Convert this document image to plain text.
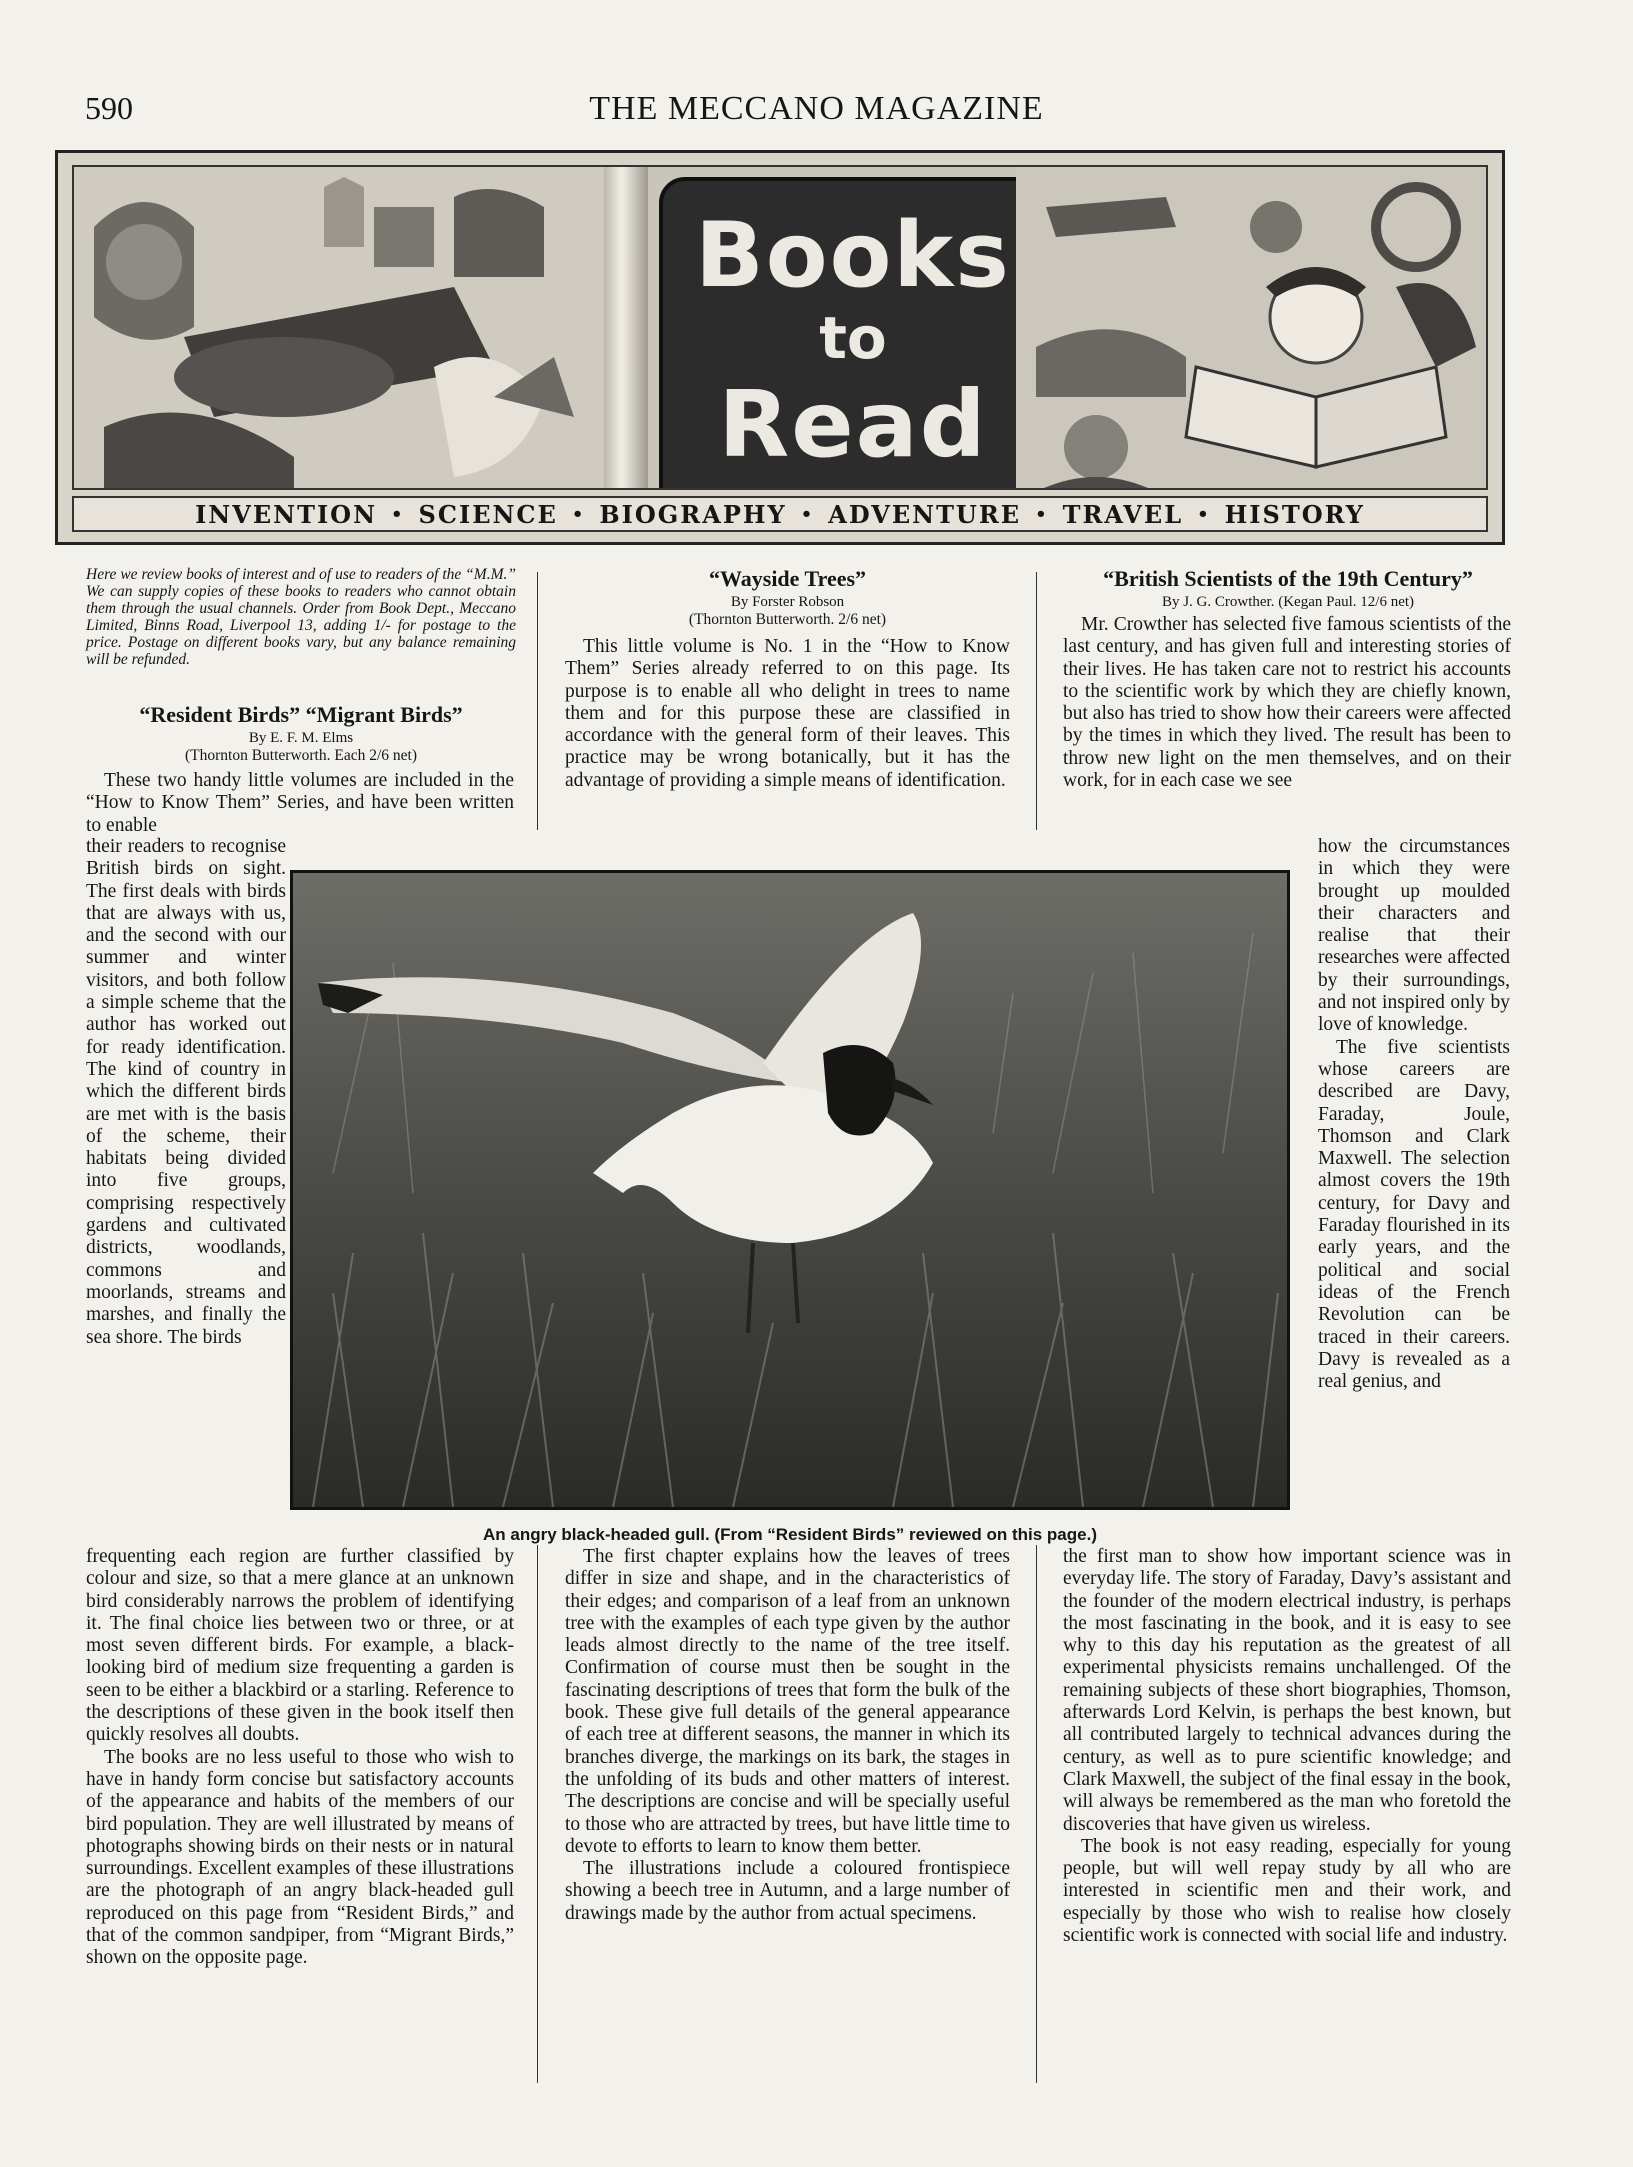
590	THE MECCANO MAGAZINE
Books
to
Read
INVENTION • SCIENCE • BIOGRAPHY • ADVENTURE • TRAVEL • HISTORY
Here we review books of interest and of use to readers of the “M.M.” We can supply copies of these books to readers who cannot obtain them through the usual channels. Order from Book Dept., Meccano Limited, Binns Road, Liverpool 13, adding 1/- for postage to the price. Postage on different books vary, but any balance remaining will be refunded.
“Resident Birds” “Migrant Birds”
By E. F. M. Elms
(Thornton Butterworth. Each 2/6 net)

These two handy little volumes are included in the “How to Know Them” Series, and have been written to enable

their readers to recognise British birds on sight. The first deals with birds that are always with us, and the second with our summer and winter visitors, and both follow a simple scheme that the author has worked out for ready identification. The kind of country in which the different birds are met with is the basis of the scheme, their habitats being divided into five groups, comprising respectively gardens and cultivated districts, woodlands, commons and moorlands, streams and marshes, and finally the sea shore. The birds

frequenting each region are further classified by colour and size, so that a mere glance at an unknown bird considerably narrows the problem of identifying it. The final choice lies between two or three, or at most seven different birds. For example, a black-looking bird of medium size frequenting a garden is seen to be either a blackbird or a starling. Reference to the descriptions of these given in the book itself then quickly resolves all doubts.

The books are no less useful to those who wish to have in handy form concise but satisfactory accounts of the appearance and habits of the members of our bird population. They are well illustrated by means of photographs showing birds on their nests or in natural surroundings. Excellent examples of these illustrations are the photograph of an angry black-headed gull reproduced on this page from “Resident Birds,” and that of the common sandpiper, from “Migrant Birds,” shown on the opposite page.

“Wayside Trees”
By Forster Robson
(Thornton Butterworth. 2/6 net)

This little volume is No. 1 in the “How to Know Them” Series already referred to on this page. Its purpose is to enable all who delight in trees to name them and for this purpose these are classified in accordance with the general form of their leaves. This practice may be wrong botanically, but it has the advantage of providing a simple means of identification.

The first chapter explains how the leaves of trees differ in size and shape, and in the characteristics of their edges; and comparison of a leaf from an unknown tree with the examples of each type given by the author leads almost directly to the name of the tree itself. Confirmation of course must then be sought in the fascinating descriptions of trees that form the bulk of the book. These give full details of the general appearance of each tree at different seasons, the manner in which its branches diverge, the markings on its bark, the stages in the unfolding of its buds and other matters of interest. The descriptions are concise and will be specially useful to those who are attracted by trees, but have little time to devote to efforts to learn to know them better.

The illustrations include a coloured frontispiece showing a beech tree in Autumn, and a large number of drawings made by the author from actual specimens.

“British Scientists of the 19th Century”
By J. G. Crowther. (Kegan Paul. 12/6 net)

Mr. Crowther has selected five famous scientists of the last century, and has given full and interesting stories of their lives. He has taken care not to restrict his accounts to the scientific work by which they are chiefly known, but also has tried to show how their careers were affected by the times in which they lived. The result has been to throw new light on the men themselves, and on their work, for in each case we see

how the circumstances in which they were brought up moulded their characters and realise that their researches were affected by their surroundings, and not inspired only by love of knowledge.

The five scientists whose careers are described are Davy, Faraday, Joule, Thomson and Clark Maxwell. The selection almost covers the 19th century, for Davy and Faraday flourished in its early years, and the political and social ideas of the French Revolution can be traced in their careers. Davy is revealed as a real genius, and

the first man to show how important science was in everyday life. The story of Faraday, Davy’s assistant and the founder of the modern electrical industry, is perhaps the most fascinating in the book, and it is easy to see why to this day his reputation as the greatest of all experimental physicists remains unchallenged. Of the remaining subjects of these short biographies, Thomson, afterwards Lord Kelvin, is perhaps the best known, but all contributed largely to technical advances during the century, as well as to pure scientific knowledge; and Clark Maxwell, the subject of the final essay in the book, will always be remembered as the man who foretold the discoveries that have given us wireless.

The book is not easy reading, especially for young people, but will well repay study by all who are interested in scientific men and their work, and especially by those who wish to realise how closely scientific work is connected with social life and industry.

An angry black-headed gull. (From “Resident Birds” reviewed on this page.)
